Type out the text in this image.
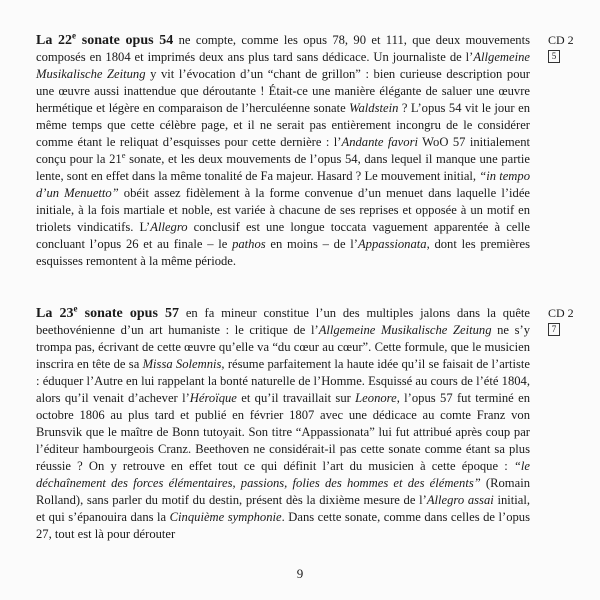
La 22e sonate opus 54 ne compte, comme les opus 78, 90 et 111, que deux mouvements composés en 1804 et imprimés deux ans plus tard sans dédicace. Un journaliste de l’Allgemeine Musikalische Zeitung y vit l’évocation d’un “chant de grillon” : bien curieuse description pour une œuvre aussi inattendue que déroutante ! Était-ce une manière élégante de saluer une œuvre hermétique et légère en comparaison de l’herculéenne sonate Waldstein ? L’opus 54 vit le jour en même temps que cette célèbre page, et il ne serait pas entièrement incongru de le considérer comme étant le reliquat d’esquisses pour cette dernière : l’Andante favori WoO 57 initialement conçu pour la 21e sonate, et les deux mouvements de l’opus 54, dans lequel il manque une partie lente, sont en effet dans la même tonalité de Fa majeur. Hasard ? Le mouvement initial, “in tempo d’un Menuetto” obéit assez fidèlement à la forme convenue d’un menuet dans laquelle l’idée initiale, à la fois martiale et noble, est variée à chacune de ses reprises et opposée à un motif en triolets vindicatifs. L’Allegro conclusif est une longue toccata vaguement apparentée à celle concluant l’opus 26 et au finale – le pathos en moins – de l’Appassionata, dont les premières esquisses remontent à la même période.

CD 2
5

La 23e sonate opus 57 en fa mineur constitue l’un des multiples jalons dans la quête beethovénienne d’un art humaniste : le critique de l’Allgemeine Musikalische Zeitung ne s’y trompa pas, écrivant de cette œuvre qu’elle va “du cœur au cœur”. Cette formule, que le musicien inscrira en tête de sa Missa Solemnis, résume parfaitement la haute idée qu’il se faisait de l’artiste : éduquer l’Autre en lui rappelant la bonté naturelle de l’Homme. Esquissé au cours de l’été 1804, alors qu’il venait d’achever l’Héroïque et qu’il travaillait sur Leonore, l’opus 57 fut terminé en octobre 1806 au plus tard et publié en février 1807 avec une dédicace au comte Franz von Brunsvik que le maître de Bonn tutoyait. Son titre “Appassionata” lui fut attribué après coup par l’éditeur hambourgeois Cranz. Beethoven ne considérait-il pas cette sonate comme étant sa plus réussie ? On y retrouve en effet tout ce qui définit l’art du musicien à cette époque : “le déchaînement des forces élémentaires, passions, folies des hommes et des éléments” (Romain Rolland), sans parler du motif du destin, présent dès la dixième mesure de l’Allegro assai initial, et qui s’épanouira dans la Cinquième symphonie. Dans cette sonate, comme dans celles de l’opus 27, tout est là pour dérouter

CD 2
7
9
